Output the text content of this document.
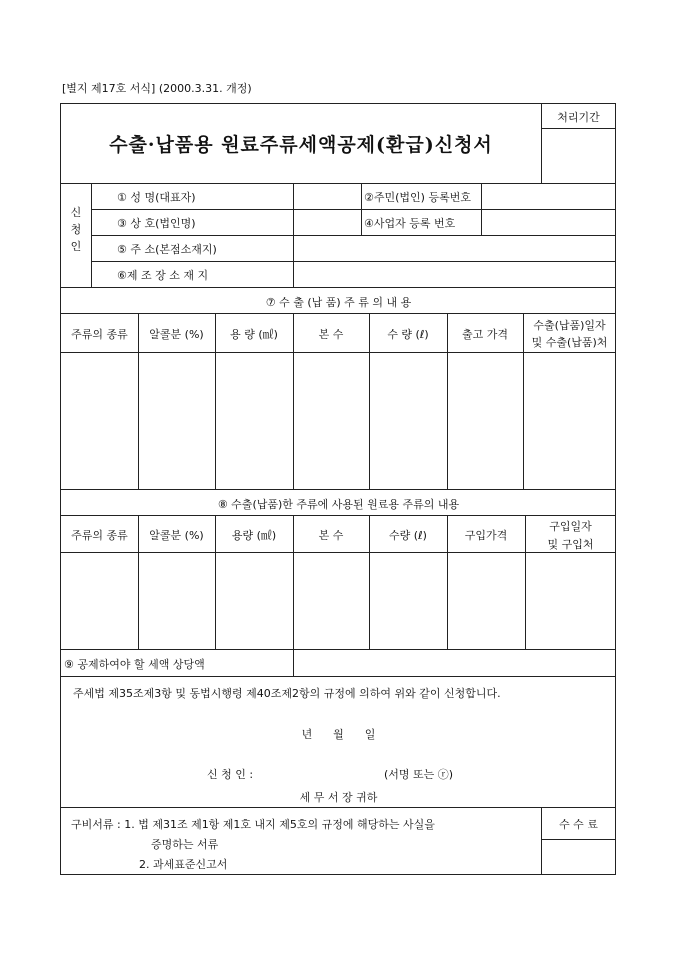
[별지 제17호 서식] (2000.3.31. 개정)
처리기간
수출·납품용 원료주류세액공제(환급)신청서
신
청
인
① 성 명(대표자)	②주민(법인) 등록번호
③ 상 호(법인명)	④사업자 등록 번호
⑤ 주 소(본점소재지)
⑥제 조 장 소 재 지
⑦ 수 출 (납 품) 주 류 의 내 용
주류의 종류	알콜분 (%)	용 량 (㎖)	본 수	수 량 (ℓ)	출고 가격
수출(납품)일자
및 수출(납품)처
⑧ 수출(납품)한 주류에 사용된 원료용 주류의 내용
주류의 종류	알콜분 (%)	용량 (㎖)	본 수	수량 (ℓ)	구입가격
구입일자
및 구입처
⑨ 공제하여야 할 세액 상당액
주세법 제35조제3항 및 동법시행령 제40조제2항의 규정에 의하여 위와 같이 신청합니다.
년      월      일
신 청 인 :	(서명 또는 ⓡ)
세 무 서 장 귀하
구비서류 : 1. 법 제31조 제1항 제1호 내지 제5호의 규정에 해당하는 사실을
증명하는 서류
2. 과세표준신고서
수 수 료
